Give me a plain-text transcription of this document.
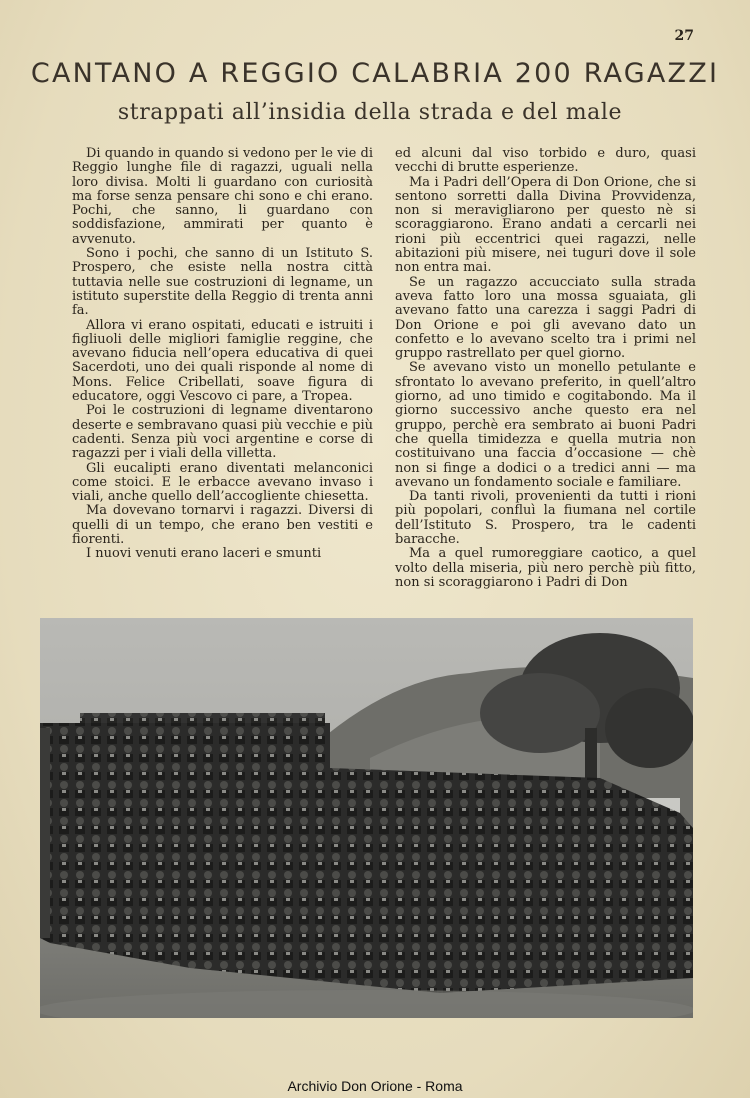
27
CANTANO A REGGIO CALABRIA 200 RAGAZZI
strappati all’insidia della strada e del male

Di quando in quando si vedono per le vie di Reggio lunghe file di ragazzi, uguali nella loro divisa. Molti li guardano con curiosità ma forse senza pensare chi sono e chi erano. Pochi, che sanno, li guardano con soddisfazione, ammirati per quanto è avvenuto.

Sono i pochi, che sanno di un Istituto S. Prospero, che esiste nella nostra città tuttavia nelle sue costruzioni di legname, un istituto superstite della Reggio di trenta anni fa.

Allora vi erano ospitati, educati e istruiti i figliuoli delle migliori famiglie reggine, che avevano fiducia nell’opera educativa di quei Sacerdoti, uno dei quali risponde al nome di Mons. Felice Cribellati, soave figura di educatore, oggi Vescovo ci pare, a Tropea.

Poi le costruzioni di legname diventarono deserte e sembravano quasi più vecchie e più cadenti. Senza più voci argentine e corse di ragazzi per i viali della villetta.

Gli eucalipti erano diventati melanconici come stoici. E le erbacce avevano invaso i viali, anche quello dell’accogliente chiesetta.

Ma dovevano tornarvi i ragazzi. Diversi di quelli di un tempo, che erano ben vestiti e fiorenti.

I nuovi venuti erano laceri e smunti

ed alcuni dal viso torbido e duro, quasi vecchi di brutte esperienze.

Ma i Padri dell’Opera di Don Orione, che si sentono sorretti dalla Divina Provvidenza, non si meravigliarono per questo nè si scoraggiarono. Erano andati a cercarli nei rioni più eccentrici quei ragazzi, nelle abitazioni più misere, nei tuguri dove il sole non entra mai.

Se un ragazzo accucciato sulla strada aveva fatto loro una mossa sguaiata, gli avevano fatto una carezza i saggi Padri di Don Orione e poi gli avevano dato un confetto e lo avevano scelto tra i primi nel gruppo rastrellato per quel giorno.

Se avevano visto un monello petulante e sfrontato lo avevano preferito, in quell’altro giorno, ad uno timido e cogitabondo. Ma il giorno successivo anche questo era nel gruppo, perchè era sembrato ai buoni Padri che quella timidezza e quella mutria non costituivano una faccia d’occasione — chè non si finge a dodici o a tredici anni — ma avevano un fondamento sociale e familiare.

Da tanti rivoli, provenienti da tutti i rioni più popolari, confluì la fiumana nel cortile dell’Istituto S. Prospero, tra le cadenti baracche.

Ma a quel rumoreggiare caotico, a quel volto della miseria, più nero perchè più fitto, non si scoraggiarono i Padri di Don

Archivio Don Orione - Roma
